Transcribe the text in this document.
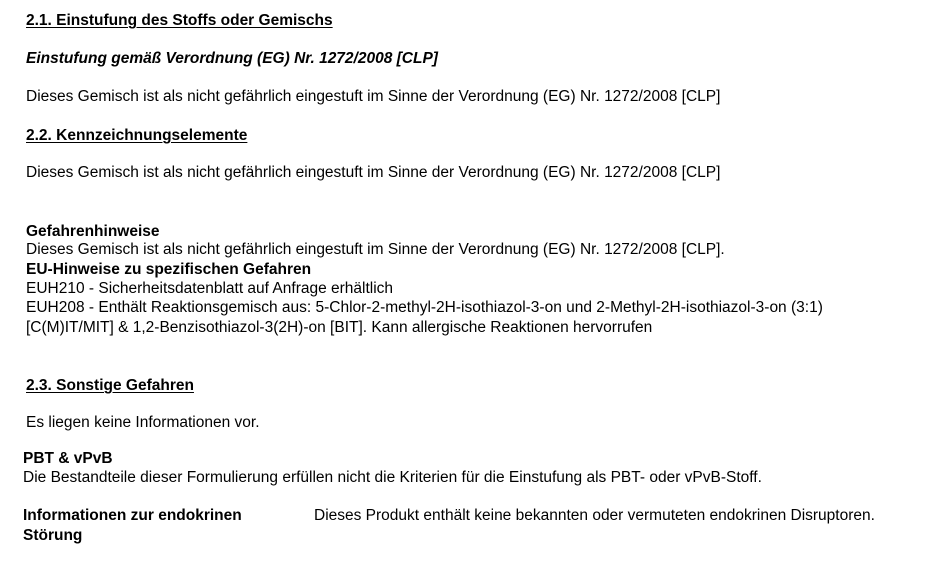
2.1. Einstufung des Stoffs oder Gemischs
Einstufung gemäß Verordnung (EG) Nr. 1272/2008 [CLP]
Dieses Gemisch ist als nicht gefährlich eingestuft im Sinne der Verordnung (EG) Nr. 1272/2008 [CLP]
2.2. Kennzeichnungselemente
Dieses Gemisch ist als nicht gefährlich eingestuft im Sinne der Verordnung (EG) Nr. 1272/2008 [CLP]
Gefahrenhinweise
Dieses Gemisch ist als nicht gefährlich eingestuft im Sinne der Verordnung (EG) Nr. 1272/2008 [CLP].
EU-Hinweise zu spezifischen Gefahren
EUH210 - Sicherheitsdatenblatt auf Anfrage erhältlich
EUH208 - Enthält Reaktionsgemisch aus: 5-Chlor-2-methyl-2H-isothiazol-3-on und 2-Methyl-2H-isothiazol-3-on (3:1)
[C(M)IT/MIT] & 1,2-Benzisothiazol-3(2H)-on [BIT]. Kann allergische Reaktionen hervorrufen
2.3. Sonstige Gefahren
Es liegen keine Informationen vor.
PBT & vPvB
Die Bestandteile dieser Formulierung erfüllen nicht die Kriterien für die Einstufung als PBT- oder vPvB-Stoff.
Informationen zur endokrinen
Störung
Dieses Produkt enthält keine bekannten oder vermuteten endokrinen Disruptoren.
